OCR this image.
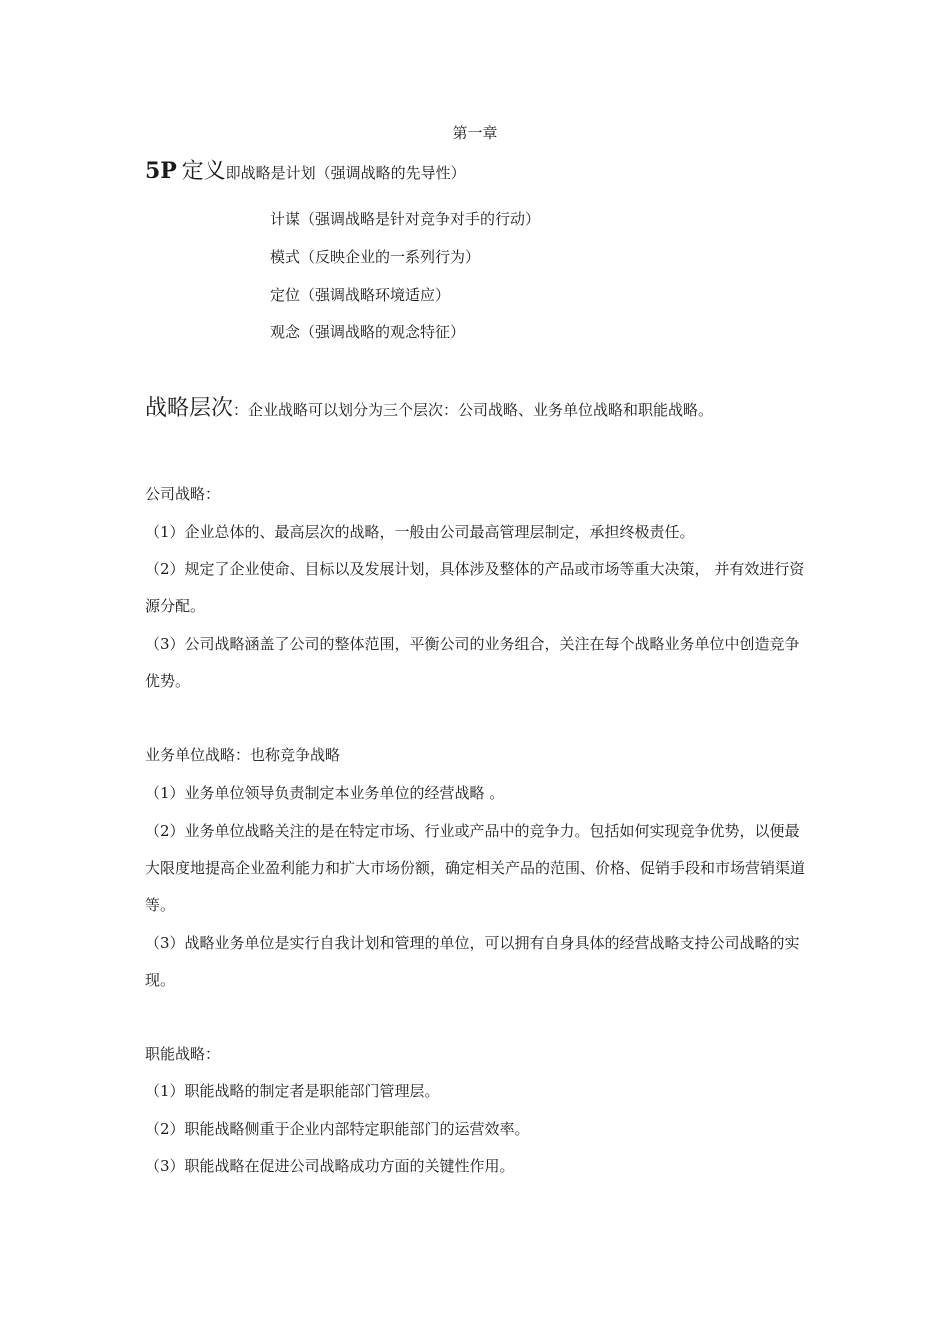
第一章
5P 定义即战略是计划（强调战略的先导性）
计谋（强调战略是针对竞争对手的行动）
模式（反映企业的一系列行为）
定位（强调战略环境适应）
观念（强调战略的观念特征）
战略层次：企业战略可以划分为三个层次：公司战略、业务单位战略和职能战略。
公司战略：
（1）企业总体的、最高层次的战略，一般由公司最高管理层制定，承担终极责任。
（2）规定了企业使命、目标以及发展计划，具体涉及整体的产品或市场等重大决策， 并有效进行资源分配。
（3）公司战略涵盖了公司的整体范围，平衡公司的业务组合，关注在每个战略业务单位中创造竞争优势。
业务单位战略：也称竞争战略
（1）业务单位领导负责制定本业务单位的经营战略 。
（2）业务单位战略关注的是在特定市场、行业或产品中的竞争力。包括如何实现竞争优势，以便最大限度地提高企业盈利能力和扩大市场份额，确定相关产品的范围、价格、促销手段和市场营销渠道等。
（3）战略业务单位是实行自我计划和管理的单位，可以拥有自身具体的经营战略支持公司战略的实现。
职能战略：
（1）职能战略的制定者是职能部门管理层。
（2）职能战略侧重于企业内部特定职能部门的运营效率。
（3）职能战略在促进公司战略成功方面的关键性作用。
